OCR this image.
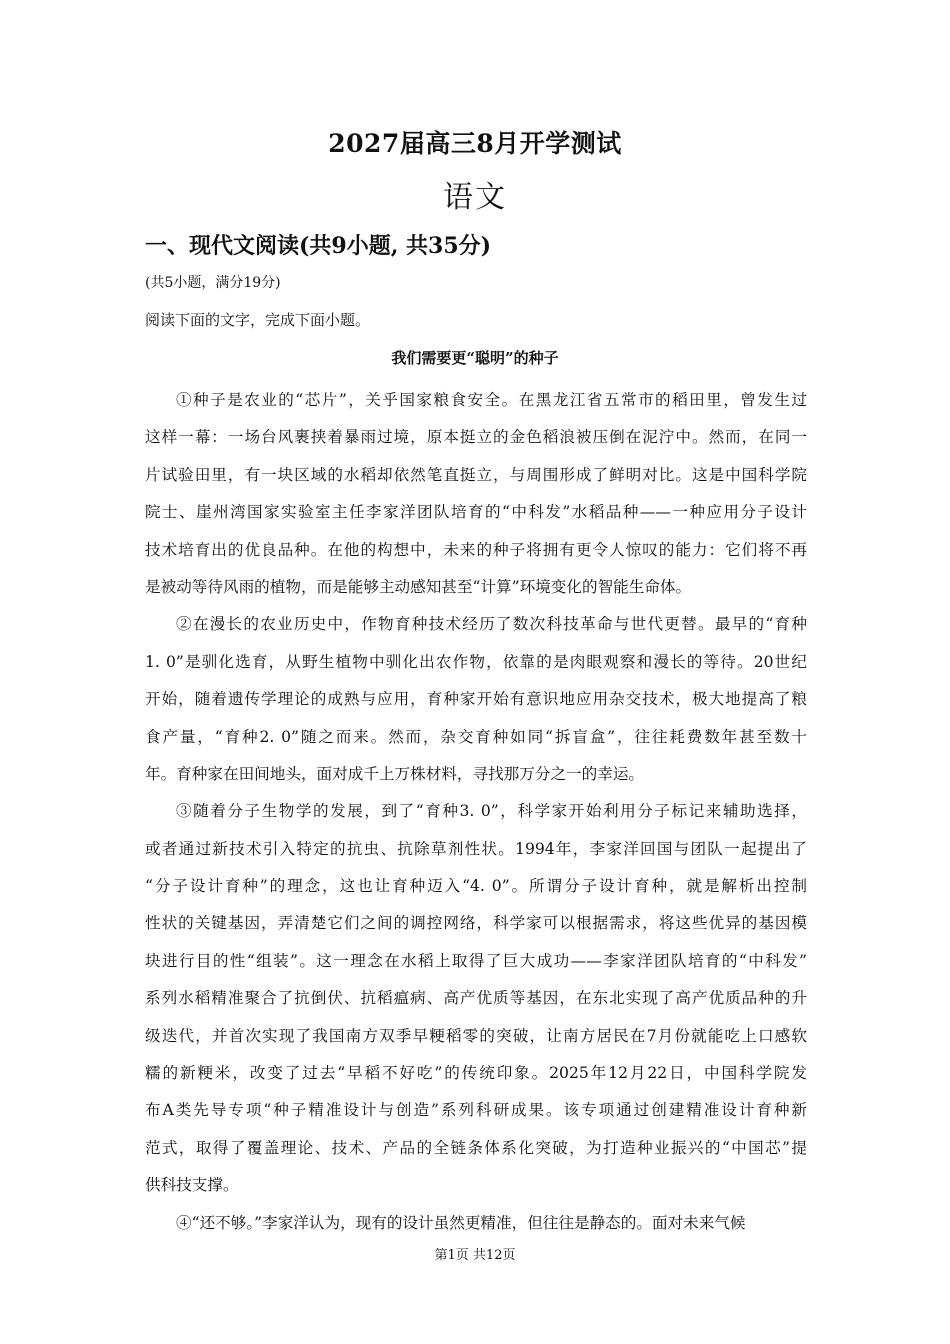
2027届高三8月开学测试
语文
一、现代文阅读(共9小题, 共35分)
(共5小题，满分19分)
阅读下面的文字，完成下面小题。
我们需要更“聪明”的种子
①种子是农业的“芯片”，关乎国家粮食安全。在黑龙江省五常市的稻田里，曾发生过
这样一幕：一场台风裹挟着暴雨过境，原本挺立的金色稻浪被压倒在泥泞中。然而，在同一
片试验田里，有一块区域的水稻却依然笔直挺立，与周围形成了鲜明对比。这是中国科学院
院士、崖州湾国家实验室主任李家洋团队培育的“中科发”水稻品种——一种应用分子设计
技术培育出的优良品种。在他的构想中，未来的种子将拥有更令人惊叹的能力：它们将不再
是被动等待风雨的植物，而是能够主动感知甚至“计算”环境变化的智能生命体。
②在漫长的农业历史中，作物育种技术经历了数次科技革命与世代更替。最早的“育种
1. 0”是驯化选育，从野生植物中驯化出农作物，依靠的是肉眼观察和漫长的等待。20世纪
开始，随着遗传学理论的成熟与应用，育种家开始有意识地应用杂交技术，极大地提高了粮
食产量，“育种2. 0”随之而来。然而，杂交育种如同“拆盲盒”，往往耗费数年甚至数十
年。育种家在田间地头，面对成千上万株材料，寻找那万分之一的幸运。
③随着分子生物学的发展，到了“育种3. 0”，科学家开始利用分子标记来辅助选择，
或者通过新技术引入特定的抗虫、抗除草剂性状。1994年，李家洋回国与团队一起提出了
“分子设计育种”的理念，这也让育种迈入“4. 0”。所谓分子设计育种，就是解析出控制
性状的关键基因，弄清楚它们之间的调控网络，科学家可以根据需求，将这些优异的基因模
块进行目的性“组装”。这一理念在水稻上取得了巨大成功——李家洋团队培育的“中科发”
系列水稻精准聚合了抗倒伏、抗稻瘟病、高产优质等基因，在东北实现了高产优质品种的升
级迭代，并首次实现了我国南方双季早粳稻零的突破，让南方居民在7月份就能吃上口感软
糯的新粳米，改变了过去“早稻不好吃”的传统印象。2025年12月22日，中国科学院发
布A类先导专项“种子精准设计与创造”系列科研成果。该专项通过创建精准设计育种新
范式，取得了覆盖理论、技术、产品的全链条体系化突破，为打造种业振兴的“中国芯”提
供科技支撑。
④“还不够。”李家洋认为，现有的设计虽然更精准，但往往是静态的。面对未来气候
第1页 共12页
